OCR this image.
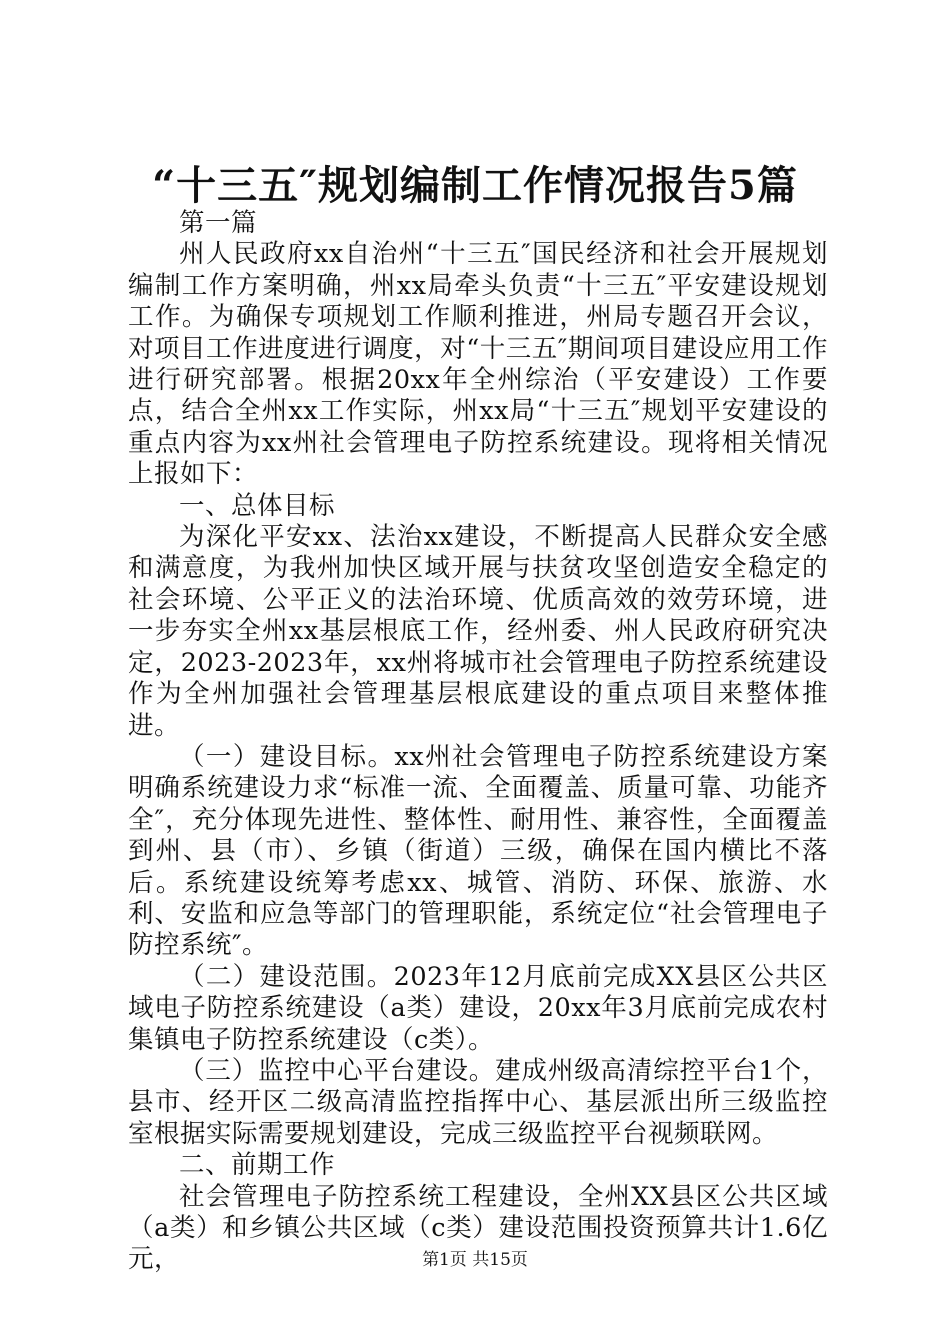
“十三五″规划编制工作情况报告5篇

第一篇

州人民政府xx自治州“十三五″国民经济和社会开展规划编制工作方案明确，州xx局牵头负责“十三五″平安建设规划工作。为确保专项规划工作顺利推进，州局专题召开会议，对项目工作进度进行调度，对“十三五″期间项目建设应用工作进行研究部署。根据20xx年全州综治（平安建设）工作要点，结合全州xx工作实际，州xx局“十三五″规划平安建设的重点内容为xx州社会管理电子防控系统建设。现将相关情况上报如下：

一、总体目标

为深化平安xx、法治xx建设，不断提高人民群众安全感和满意度，为我州加快区域开展与扶贫攻坚创造安全稳定的社会环境、公平正义的法治环境、优质高效的效劳环境，进一步夯实全州xx基层根底工作，经州委、州人民政府研究决定，2023-2023年，xx州将城市社会管理电子防控系统建设作为全州加强社会管理基层根底建设的重点项目来整体推进。

（一）建设目标。xx州社会管理电子防控系统建设方案明确系统建设力求“标准一流、全面覆盖、质量可靠、功能齐全″，充分体现先进性、整体性、耐用性、兼容性，全面覆盖到州、县（市）、乡镇（街道）三级，确保在国内横比不落后。系统建设统筹考虑xx、城管、消防、环保、旅游、水利、安监和应急等部门的管理职能，系统定位“社会管理电子防控系统″。

（二）建设范围。2023年12月底前完成XX县区公共区域电子防控系统建设（a类）建设，20xx年3月底前完成农村集镇电子防控系统建设（c类）。

（三）监控中心平台建设。建成州级高清综控平台1个，县市、经开区二级高清监控指挥中心、基层派出所三级监控室根据实际需要规划建设，完成三级监控平台视频联网。

二、前期工作

社会管理电子防控系统工程建设，全州XX县区公共区域（a类）和乡镇公共区域（c类）建设范围投资预算共计1.6亿元，	第1页 共15页
